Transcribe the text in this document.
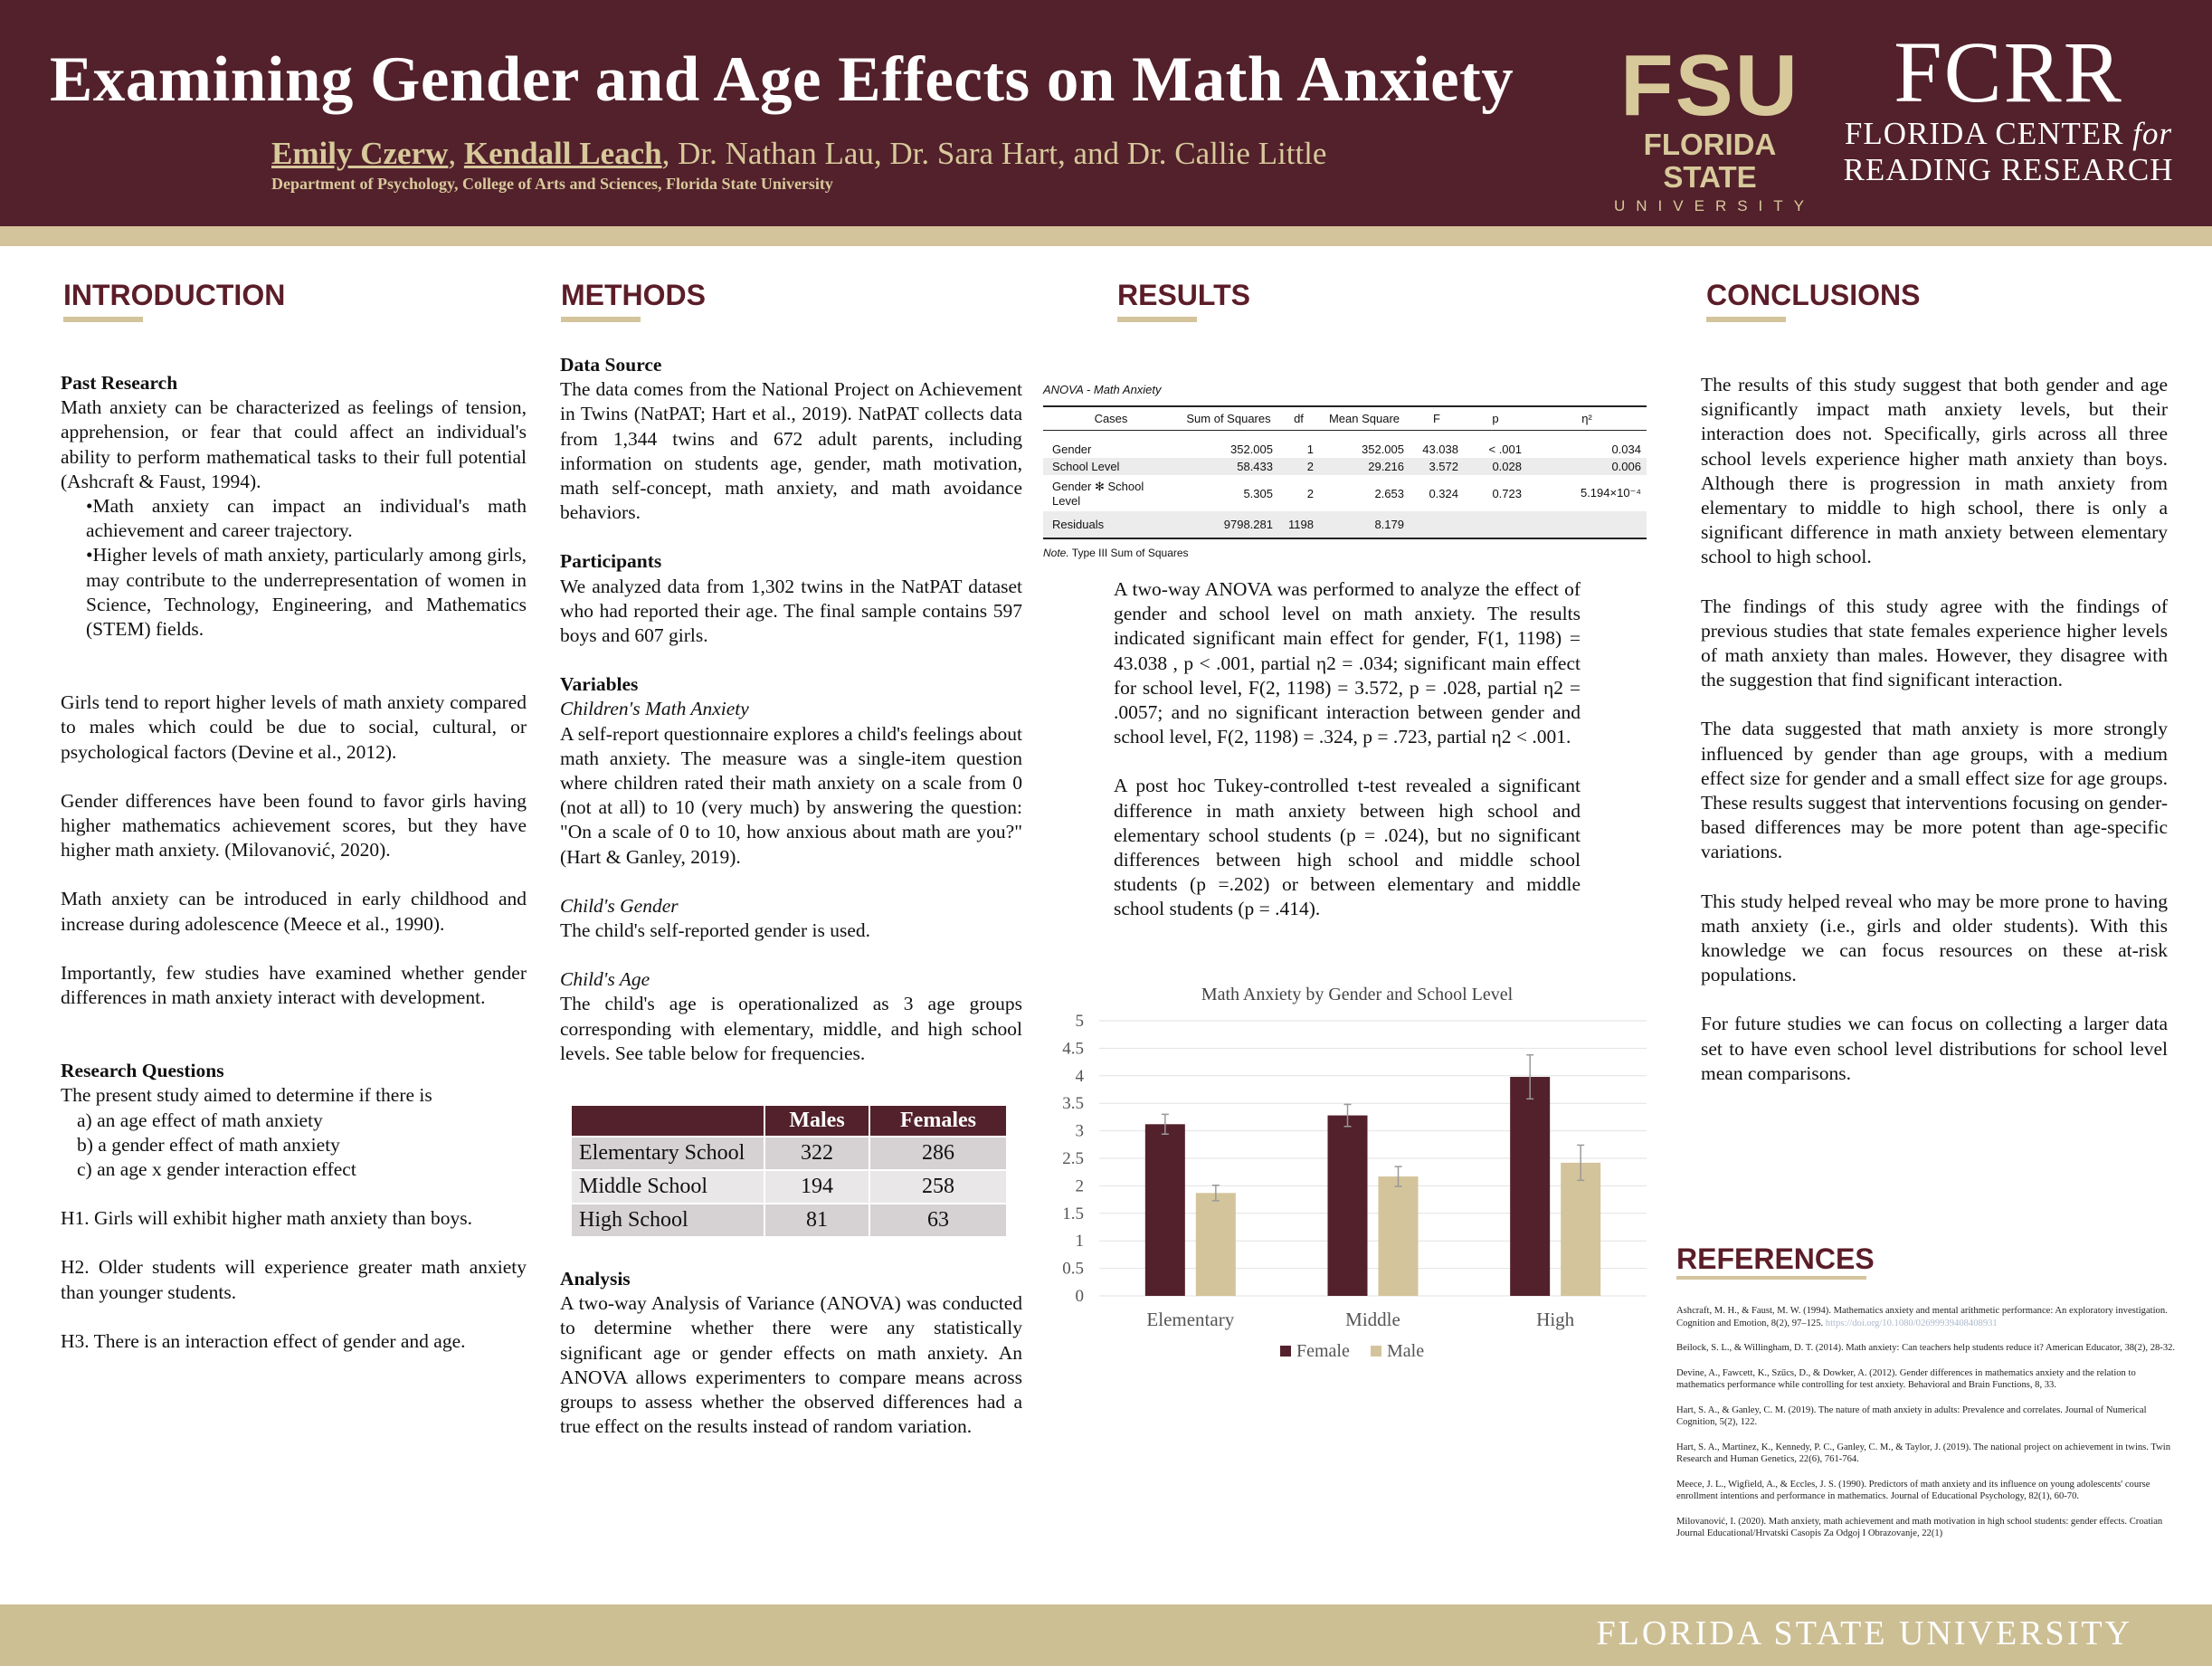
Examining Gender and Age Effects on Math Anxiety
Emily Czerw, Kendall Leach, Dr. Nathan Lau, Dr. Sara Hart, and Dr. Callie Little
Department of Psychology, College of Arts and Sciences, Florida State University
FSU
FLORIDA STATE
UNIVERSITY
FCRR
FLORIDA CENTER for
READING RESEARCH
INTRODUCTION

Past Research

Math anxiety can be characterized as feelings of tension, apprehension, or fear that could affect an individual's ability to perform mathematical tasks to their full potential (Ashcraft & Faust, 1994).

•Math anxiety can impact an individual's math achievement and career trajectory.

•Higher levels of math anxiety, particularly among girls, may contribute to the underrepresentation of women in Science, Technology, Engineering, and Mathematics (STEM) fields.

Girls tend to report higher levels of math anxiety compared to males which could be due to social, cultural, or psychological factors (Devine et al., 2012).

Gender differences have been found to favor girls having higher mathematics achievement scores, but they have higher math anxiety. (Milovanović, 2020).

Math anxiety can be introduced in early childhood and increase during adolescence (Meece et al., 1990).

Importantly, few studies have examined whether gender differences in math anxiety interact with development.

Research Questions

The present study aimed to determine if there is

a) an age effect of math anxiety

b) a gender effect of math anxiety

c) an age x gender interaction effect

H1. Girls will exhibit higher math anxiety than boys.

H2. Older students will experience greater math anxiety than younger students.

H3. There is an interaction effect of gender and age.

METHODS

Data Source

The data comes from the National Project on Achievement in Twins (NatPAT; Hart et al., 2019). NatPAT collects data from 1,344 twins and 672 adult parents, including information on students age, gender, math motivation, math self-concept, math anxiety, and math avoidance behaviors.

Participants

We analyzed data from 1,302 twins in the NatPAT dataset who had reported their age. The final sample contains 597 boys and 607 girls.

Variables

Children's Math Anxiety

A self-report questionnaire explores a child's feelings about math anxiety. The measure was a single-item question where children rated their math anxiety on a scale from 0 (not at all) to 10 (very much) by answering the question: "On a scale of 0 to 10, how anxious about math are you?" (Hart & Ganley, 2019).

Child's Gender

The child's self-reported gender is used.

Child's Age

The child's age is operationalized as 3 age groups corresponding with elementary, middle, and high school levels. See table below for frequencies.

	Males	Females
Elementary School	322	286
Middle School	194	258
High School	81	63

Analysis

A two-way Analysis of Variance (ANOVA) was conducted to determine whether there were any statistically significant age or gender effects on math anxiety. An ANOVA allows experimenters to compare means across groups to assess whether the observed differences had a true effect on the results instead of random variation.

RESULTS
ANOVA - Math Anxiety
Cases	Sum of Squares	df	Mean Square	F	p	η²

Gender	352.005	1	352.005	43.038	< .001	0.034
School Level	58.433	2	29.216	3.572	0.028	0.006
Gender ✻ School Level	5.305	2	2.653	0.324	0.723	5.194×10⁻⁴
Residuals	9798.281	1198	8.179			
Note. Type III Sum of Squares

A two-way ANOVA was performed to analyze the effect of gender and school level on math anxiety. The results indicated significant main effect for gender, F(1, 1198) = 43.038 , p < .001, partial η2 = .034; significant main effect for school level, F(2, 1198) = 3.572, p = .028, partial η2 = .0057; and no significant interaction between gender and school level, F(2, 1198) = .324, p = .723, partial η2 < .001.

A post hoc Tukey-controlled t-test revealed a significant difference in math anxiety between high school and elementary school students (p = .024), but no significant differences between high school and middle school students (p =.202) or between elementary and middle school students (p = .414).

Math Anxiety by Gender and School Level
0
0.5
1
1.5
2
2.5
3
3.5
4
4.5
5
Elementary	Middle	High
Female Male
CONCLUSIONS

The results of this study suggest that both gender and age significantly impact math anxiety levels, but their interaction does not. Specifically, girls across all three school levels experience higher math anxiety than boys. Although there is progression in math anxiety from elementary to middle to high school, there is only a significant difference in math anxiety between elementary school to high school.

The findings of this study agree with the findings of previous studies that state females experience higher levels of math anxiety than males. However, they disagree with the suggestion that find significant interaction.

The data suggested that math anxiety is more strongly influenced by gender than age groups, with a medium effect size for gender and a small effect size for age groups. These results suggest that interventions focusing on gender-based differences may be more potent than age-specific variations.

This study helped reveal who may be more prone to having math anxiety (i.e., girls and older students). With this knowledge we can focus resources on these at-risk populations.

For future studies we can focus on collecting a larger data set to have even school level distributions for school level mean comparisons.

REFERENCES

Ashcraft, M. H., & Faust, M. W. (1994). Mathematics anxiety and mental arithmetic performance: An exploratory investigation. Cognition and Emotion, 8(2), 97–125. https://doi.org/10.1080/02699939408408931

Beilock, S. L., & Willingham, D. T. (2014). Math anxiety: Can teachers help students reduce it? American Educator, 38(2), 28-32.

Devine, A., Fawcett, K., Szűcs, D., & Dowker, A. (2012). Gender differences in mathematics anxiety and the relation to mathematics performance while controlling for test anxiety. Behavioral and Brain Functions, 8, 33.

Hart, S. A., & Ganley, C. M. (2019). The nature of math anxiety in adults: Prevalence and correlates. Journal of Numerical Cognition, 5(2), 122.

Hart, S. A., Martinez, K., Kennedy, P. C., Ganley, C. M., & Taylor, J. (2019). The national project on achievement in twins. Twin Research and Human Genetics, 22(6), 761-764.

Meece, J. L., Wigfield, A., & Eccles, J. S. (1990). Predictors of math anxiety and its influence on young adolescents' course enrollment intentions and performance in mathematics. Journal of Educational Psychology, 82(1), 60-70.

Milovanović, I. (2020). Math anxiety, math achievement and math motivation in high school students: gender effects. Croatian Journal Educational/Hrvatski Casopis Za Odgoj I Obrazovanje, 22(1)

FLORIDA STATE UNIVERSITY
